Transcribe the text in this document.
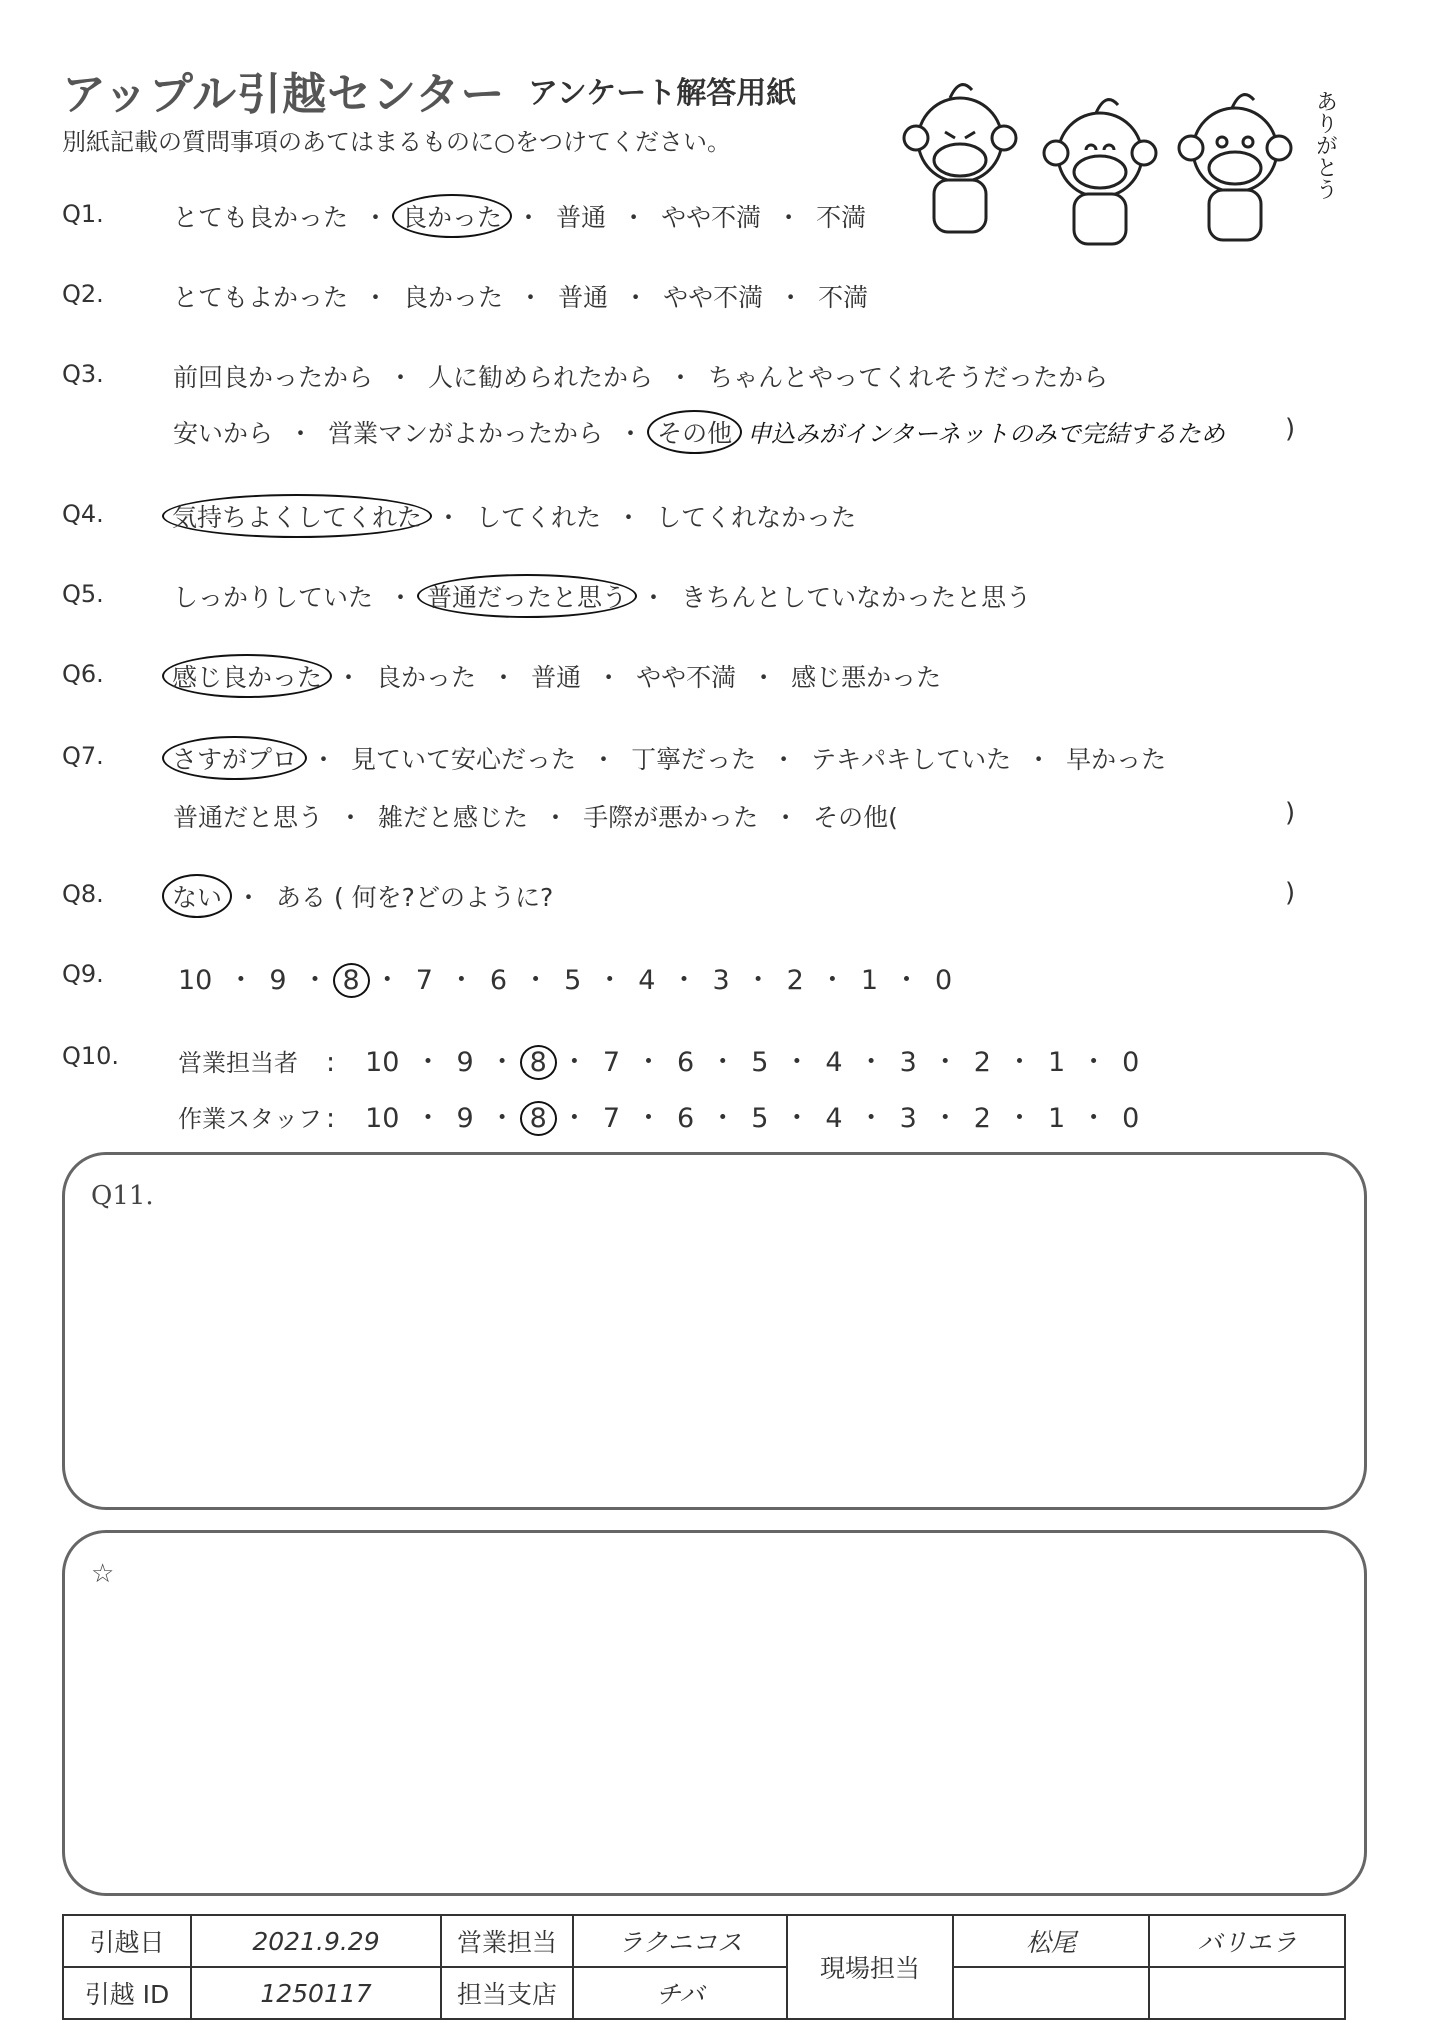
アップル引越センター アンケート解答用紙
別紙記載の質問事項のあてはまるものに○をつけてください。	ありがとう
Q1.	とても良かった ・ 良かった ・ 普通 ・ やや不満 ・ 不満
Q2.	とてもよかった ・ 良かった ・ 普通 ・ やや不満 ・ 不満
Q3.	前回良かったから ・ 人に勧められたから ・ ちゃんとやってくれそうだったから
安いから ・ 営業マンがよかったから ・ その他 申込みがインターネットのみで完結するため )
Q4.	気持ちよくしてくれた ・ してくれた ・ してくれなかった
Q5.	しっかりしていた ・ 普通だったと思う ・ きちんとしていなかったと思う
Q6.	感じ良かった ・ 良かった ・ 普通 ・ やや不満 ・ 感じ悪かった
Q7.	さすがプロ ・ 見ていて安心だった ・ 丁寧だった ・ テキパキしていた ・ 早かった
普通だと思う ・ 雑だと感じた ・ 手際が悪かった ・ その他(	)
Q8.	ない ・ ある ( 何を?どのように?	)
Q9.	10 ・ 9 ・ 8 ・ 7 ・ 6 ・ 5 ・ 4 ・ 3 ・ 2 ・ 1 ・ 0
Q10. 営業担当者 : 10 ・ 9 ・ 8 ・ 7 ・ 6 ・ 5 ・ 4 ・ 3 ・ 2 ・ 1 ・ 0
作業スタッフ : 10 ・ 9 ・ 8 ・ 7 ・ 6 ・ 5 ・ 4 ・ 3 ・ 2 ・ 1 ・ 0
Q11.
☆
引越日	2021.9.29	営業担当	ラクニコス	現場担当	松尾	バリエラ
引越 ID	1250117	担当支店	チバ			
